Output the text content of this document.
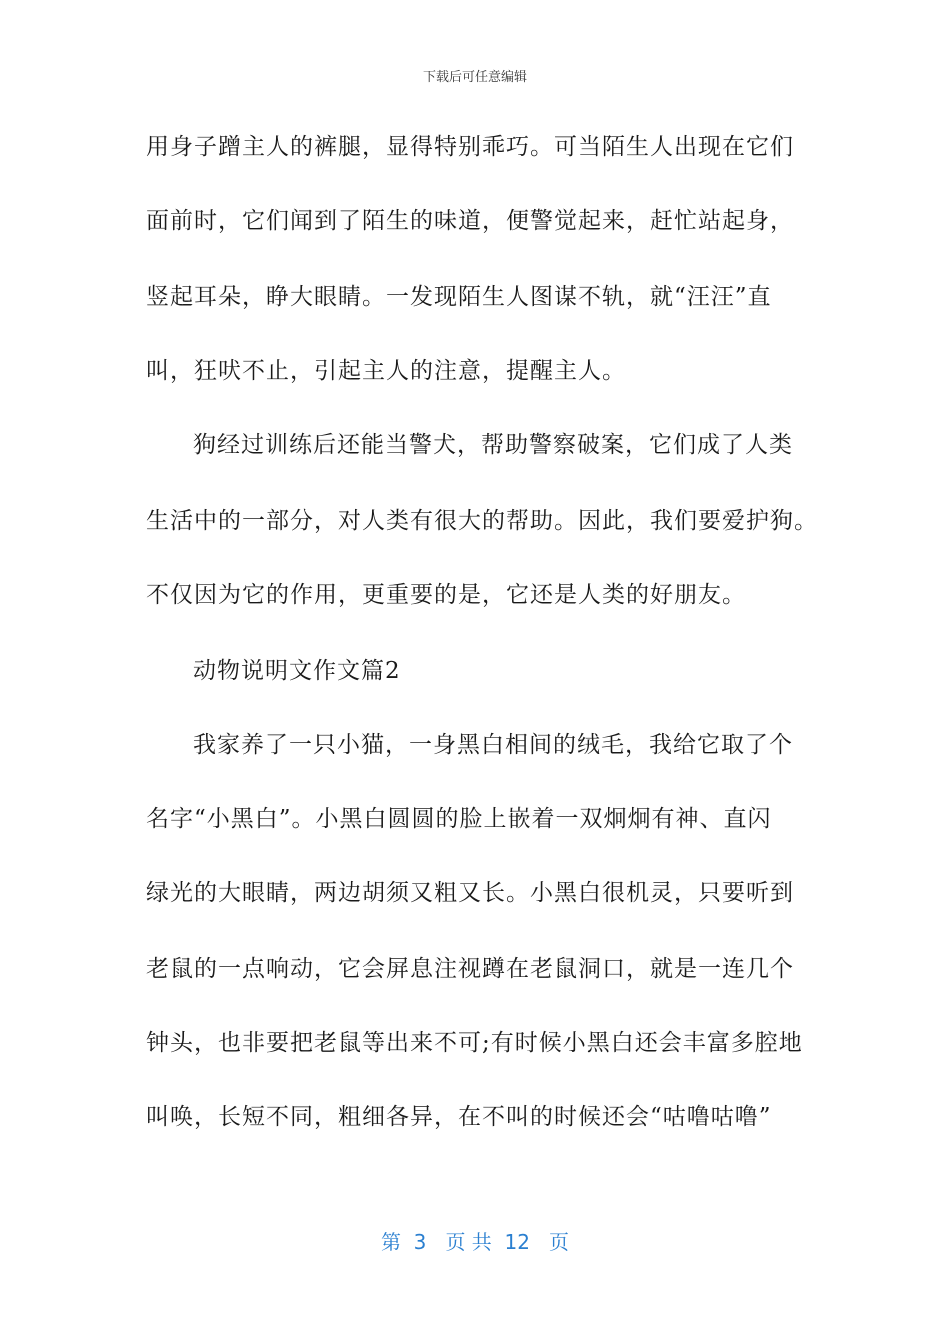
下载后可任意编辑
用身子蹭主人的裤腿，显得特别乖巧。可当陌生人出现在它们
面前时，它们闻到了陌生的味道，便警觉起来，赶忙站起身，
竖起耳朵，睁大眼睛。一发现陌生人图谋不轨，就“汪汪”直
叫，狂吠不止，引起主人的注意，提醒主人。
狗经过训练后还能当警犬，帮助警察破案，它们成了人类
生活中的一部分，对人类有很大的帮助。因此，我们要爱护狗。
不仅因为它的作用，更重要的是，它还是人类的好朋友。
动物说明文作文篇2
我家养了一只小猫，一身黑白相间的绒毛，我给它取了个
名字“小黑白”。小黑白圆圆的脸上嵌着一双炯炯有神、直闪
绿光的大眼睛，两边胡须又粗又长。小黑白很机灵，只要听到
老鼠的一点响动，它会屏息注视蹲在老鼠洞口，就是一连几个
钟头，也非要把老鼠等出来不可;有时候小黑白还会丰富多腔地
叫唤，长短不同，粗细各异，在不叫的时候还会“咕噜咕噜”
第  3   页 共  12   页
